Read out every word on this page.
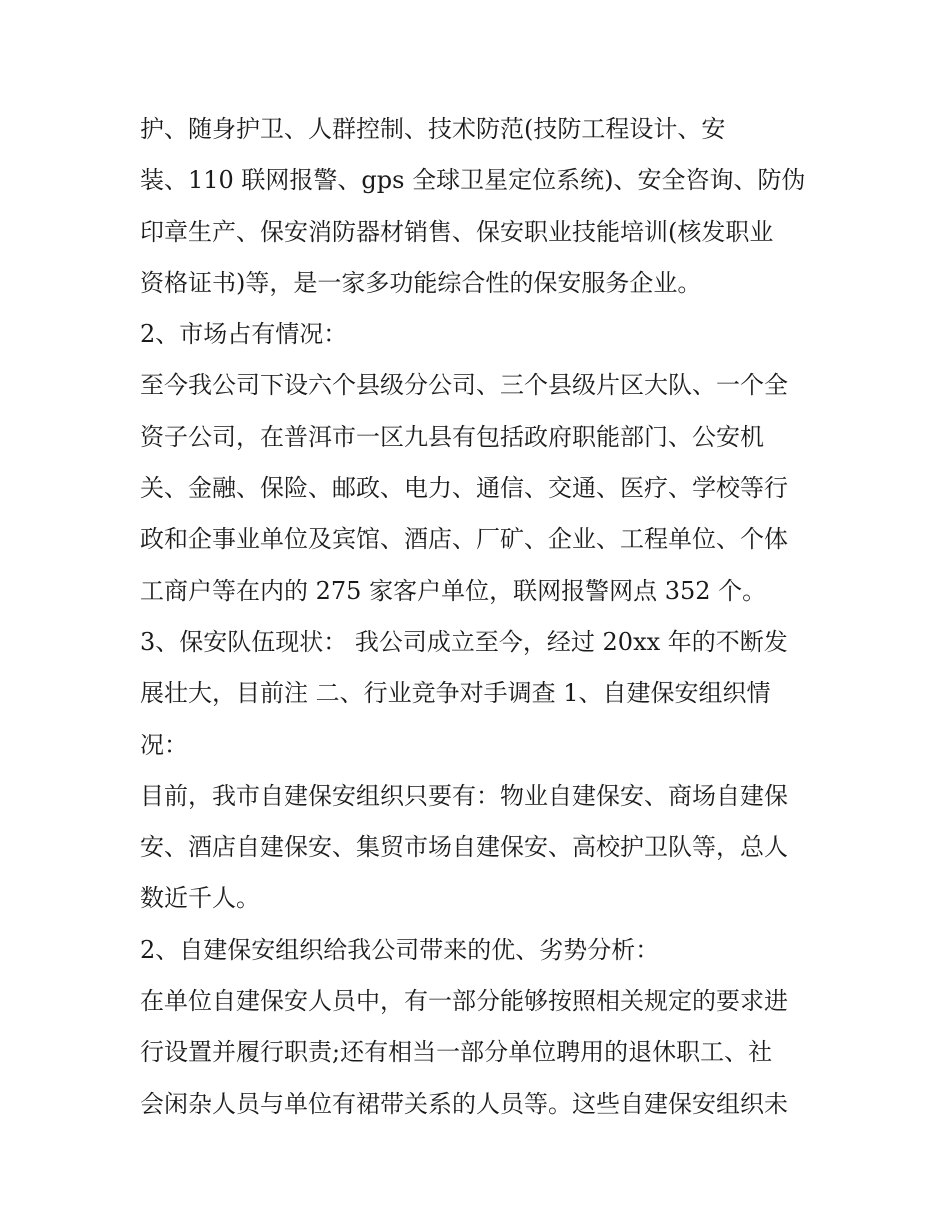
护、随身护卫、人群控制、技术防范(技防工程设计、安
装、110 联网报警、gps 全球卫星定位系统)、安全咨询、防伪
印章生产、保安消防器材销售、保安职业技能培训(核发职业
资格证书)等，是一家多功能综合性的保安服务企业。
2、市场占有情况：
至今我公司下设六个县级分公司、三个县级片区大队、一个全
资子公司，在普洱市一区九县有包括政府职能部门、公安机
关、金融、保险、邮政、电力、通信、交通、医疗、学校等行
政和企事业单位及宾馆、酒店、厂矿、企业、工程单位、个体
工商户等在内的 275 家客户单位，联网报警网点 352 个。
3、保安队伍现状： 我公司成立至今，经过 20xx 年的不断发
展壮大，目前注 二、行业竞争对手调查 1、自建保安组织情
况：
目前，我市自建保安组织只要有：物业自建保安、商场自建保
安、酒店自建保安、集贸市场自建保安、高校护卫队等，总人
数近千人。
2、自建保安组织给我公司带来的优、劣势分析：
在单位自建保安人员中，有一部分能够按照相关规定的要求进
行设置并履行职责;还有相当一部分单位聘用的退休职工、社
会闲杂人员与单位有裙带关系的人员等。这些自建保安组织未
